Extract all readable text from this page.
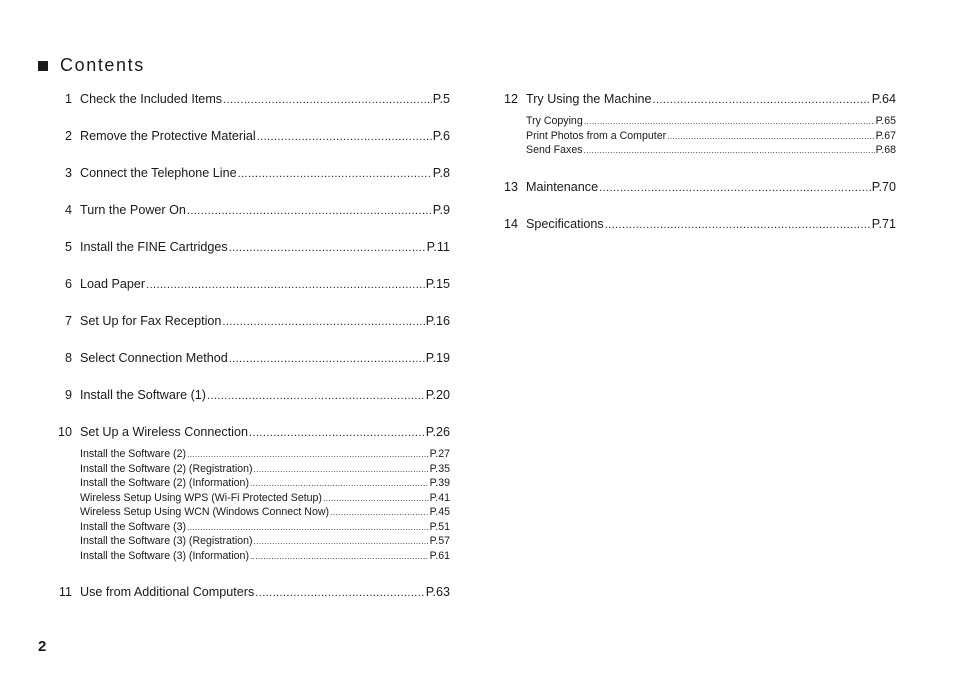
Contents
1 Check the Included Items .....	P.5
2 Remove the Protective Material .....	P.6
3 Connect the Telephone Line .....	P.8
4 Turn the Power On .....	P.9
5 Install the FINE Cartridges .....	P.11
6 Load Paper .....	P.15
7 Set Up for Fax Reception .....	P.16
8 Select Connection Method .....	P.19
9 Install the Software (1) .....	P.20
10 Set Up a Wireless Connection .....	P.26
Install the Software (2) .....	P.27
Install the Software (2) (Registration) .....	P.35
Install the Software (2) (Information) .....	P.39
Wireless Setup Using WPS (Wi-Fi Protected Setup) .....	P.41
Wireless Setup Using WCN (Windows Connect Now) .....	P.45
Install the Software (3) .....	P.51
Install the Software (3) (Registration) .....	P.57
Install the Software (3) (Information) .....	P.61
11 Use from Additional Computers .....	P.63
12 Try Using the Machine .....	P.64
Try Copying .....	P.65
Print Photos from a Computer .....	P.67
Send Faxes .....	P.68
13 Maintenance .....	P.70
14 Specifications .....	P.71
2
